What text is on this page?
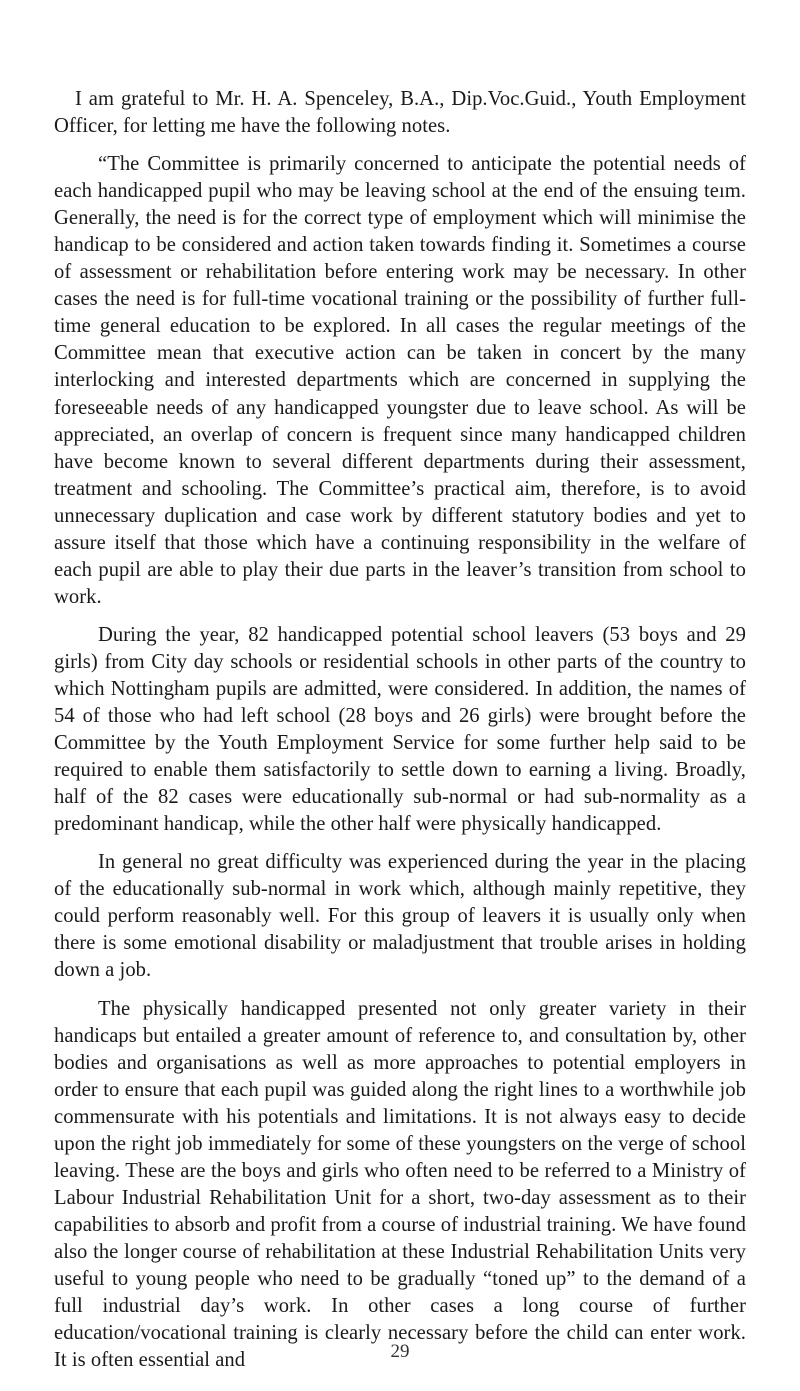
I am grateful to Mr. H. A. Spenceley, B.A., Dip.Voc.Guid., Youth Employment Officer, for letting me have the following notes.

“The Committee is primarily concerned to anticipate the potential needs of each handicapped pupil who may be leaving school at the end of the ensuing teım. Generally, the need is for the correct type of employment which will minimise the handicap to be considered and action taken towards finding it. Sometimes a course of assessment or rehabilitation before entering work may be necessary. In other cases the need is for full-time vocational training or the possibility of further full-time general education to be explored. In all cases the regular meetings of the Committee mean that executive action can be taken in concert by the many interlocking and interested departments which are concerned in supplying the foreseeable needs of any handicapped youngster due to leave school. As will be appreciated, an overlap of concern is frequent since many handicapped children have become known to several different departments during their assessment, treatment and schooling. The Committee’s practical aim, therefore, is to avoid unnecessary duplication and case work by different statutory bodies and yet to assure itself that those which have a continuing responsibility in the welfare of each pupil are able to play their due parts in the leaver’s transition from school to work.

During the year, 82 handicapped potential school leavers (53 boys and 29 girls) from City day schools or residential schools in other parts of the country to which Nottingham pupils are admitted, were considered. In addition, the names of 54 of those who had left school (28 boys and 26 girls) were brought before the Committee by the Youth Employment Service for some further help said to be required to enable them satisfactorily to settle down to earning a living. Broadly, half of the 82 cases were educationally sub-normal or had sub-normality as a predominant handicap, while the other half were physically handicapped.

In general no great difficulty was experienced during the year in the placing of the educationally sub-normal in work which, although mainly repetitive, they could perform reasonably well. For this group of leavers it is usually only when there is some emotional disability or maladjustment that trouble arises in holding down a job.

The physically handicapped presented not only greater variety in their handicaps but entailed a greater amount of reference to, and consultation by, other bodies and organisations as well as more approaches to potential employers in order to ensure that each pupil was guided along the right lines to a worthwhile job commensurate with his potentials and limitations. It is not always easy to decide upon the right job immediately for some of these youngsters on the verge of school leaving. These are the boys and girls who often need to be referred to a Ministry of Labour Industrial Rehabilitation Unit for a short, two-day assessment as to their capabilities to absorb and profit from a course of industrial training. We have found also the longer course of rehabilitation at these Industrial Rehabilitation Units very useful to young people who need to be gradually “toned up” to the demand of a full industrial day’s work. In other cases a long course of further education/vocational training is clearly necessary before the child can enter work. It is often essential and	29
